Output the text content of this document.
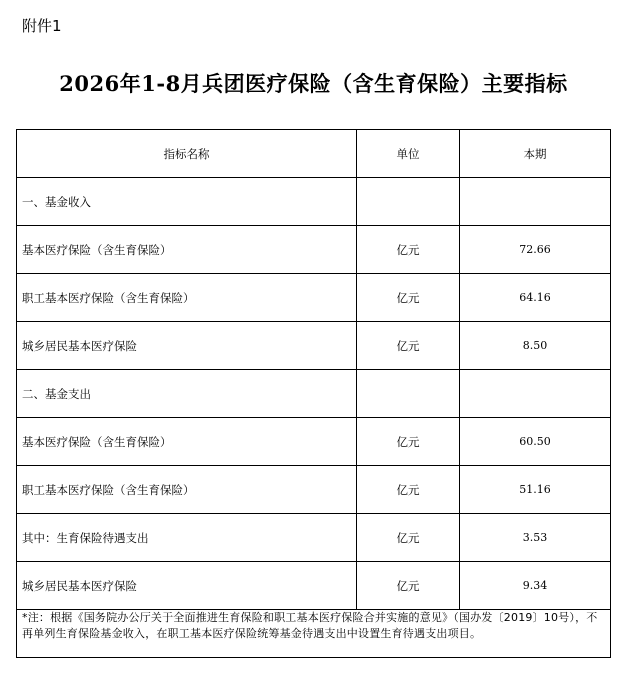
附件1
2026年1-8月兵团医疗保险（含生育保险）主要指标
指标名称	单位	本期
一、基金收入		
基本医疗保险（含生育保险）	亿元	72.66
职工基本医疗保险（含生育保险）	亿元	64.16
城乡居民基本医疗保险	亿元	8.50
二、基金支出		
基本医疗保险（含生育保险）	亿元	60.50
职工基本医疗保险（含生育保险）	亿元	51.16
其中：生育保险待遇支出	亿元	3.53
城乡居民基本医疗保险	亿元	9.34
*注：根据《国务院办公厅关于全面推进生育保险和职工基本医疗保险合并实施的意见》（国办发〔2019〕10号），不再单列生育保险基金收入，在职工基本医疗保险统筹基金待遇支出中设置生育待遇支出项目。		
